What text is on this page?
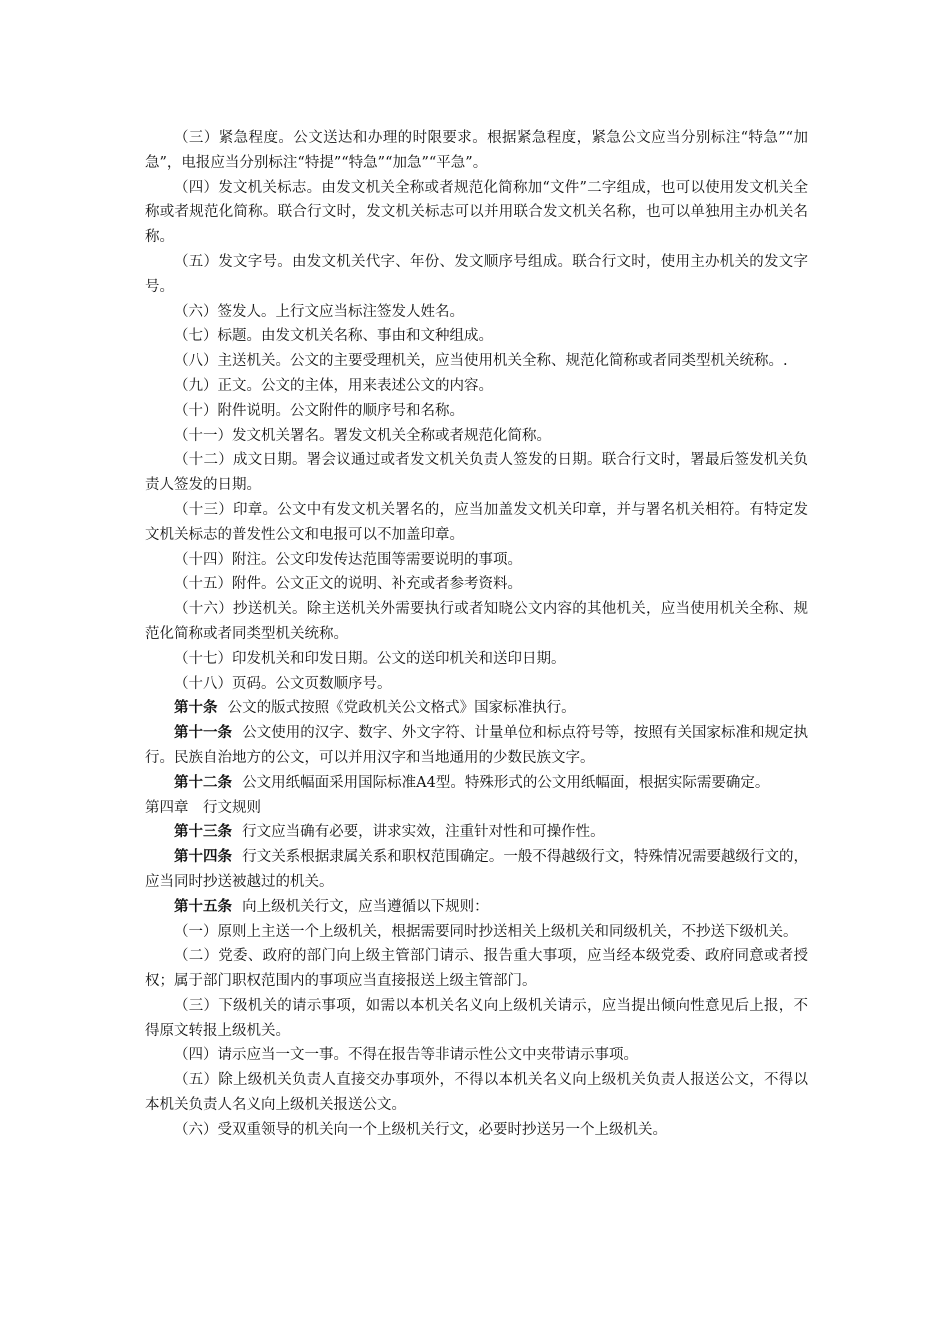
（三）紧急程度。公文送达和办理的时限要求。根据紧急程度，紧急公文应当分别标注“特急”“加急”，电报应当分别标注“特提”“特急”“加急”“平急”。

（四）发文机关标志。由发文机关全称或者规范化简称加“文件”二字组成，也可以使用发文机关全称或者规范化简称。联合行文时，发文机关标志可以并用联合发文机关名称，也可以单独用主办机关名称。

（五）发文字号。由发文机关代字、年份、发文顺序号组成。联合行文时，使用主办机关的发文字号。

（六）签发人。上行文应当标注签发人姓名。

（七）标题。由发文机关名称、事由和文种组成。

（八）主送机关。公文的主要受理机关，应当使用机关全称、规范化简称或者同类型机关统称。.

（九）正文。公文的主体，用来表述公文的内容。

（十）附件说明。公文附件的顺序号和名称。

（十一）发文机关署名。署发文机关全称或者规范化简称。

（十二）成文日期。署会议通过或者发文机关负责人签发的日期。联合行文时，署最后签发机关负责人签发的日期。

（十三）印章。公文中有发文机关署名的，应当加盖发文机关印章，并与署名机关相符。有特定发文机关标志的普发性公文和电报可以不加盖印章。

（十四）附注。公文印发传达范围等需要说明的事项。

（十五）附件。公文正文的说明、补充或者参考资料。

（十六）抄送机关。除主送机关外需要执行或者知晓公文内容的其他机关，应当使用机关全称、规范化简称或者同类型机关统称。

（十七）印发机关和印发日期。公文的送印机关和送印日期。

（十八）页码。公文页数顺序号。

第十条 公文的版式按照《党政机关公文格式》国家标准执行。

第十一条 公文使用的汉字、数字、外文字符、计量单位和标点符号等，按照有关国家标准和规定执行。民族自治地方的公文，可以并用汉字和当地通用的少数民族文字。

第十二条 公文用纸幅面采用国际标准A4型。特殊形式的公文用纸幅面，根据实际需要确定。

第四章 行文规则

第十三条 行文应当确有必要，讲求实效，注重针对性和可操作性。

第十四条 行文关系根据隶属关系和职权范围确定。一般不得越级行文，特殊情况需要越级行文的，应当同时抄送被越过的机关。

第十五条 向上级机关行文，应当遵循以下规则：

（一）原则上主送一个上级机关，根据需要同时抄送相关上级机关和同级机关，不抄送下级机关。

（二）党委、政府的部门向上级主管部门请示、报告重大事项，应当经本级党委、政府同意或者授权；属于部门职权范围内的事项应当直接报送上级主管部门。

（三）下级机关的请示事项，如需以本机关名义向上级机关请示，应当提出倾向性意见后上报，不得原文转报上级机关。

（四）请示应当一文一事。不得在报告等非请示性公文中夹带请示事项。

（五）除上级机关负责人直接交办事项外，不得以本机关名义向上级机关负责人报送公文，不得以本机关负责人名义向上级机关报送公文。

（六）受双重领导的机关向一个上级机关行文，必要时抄送另一个上级机关。
